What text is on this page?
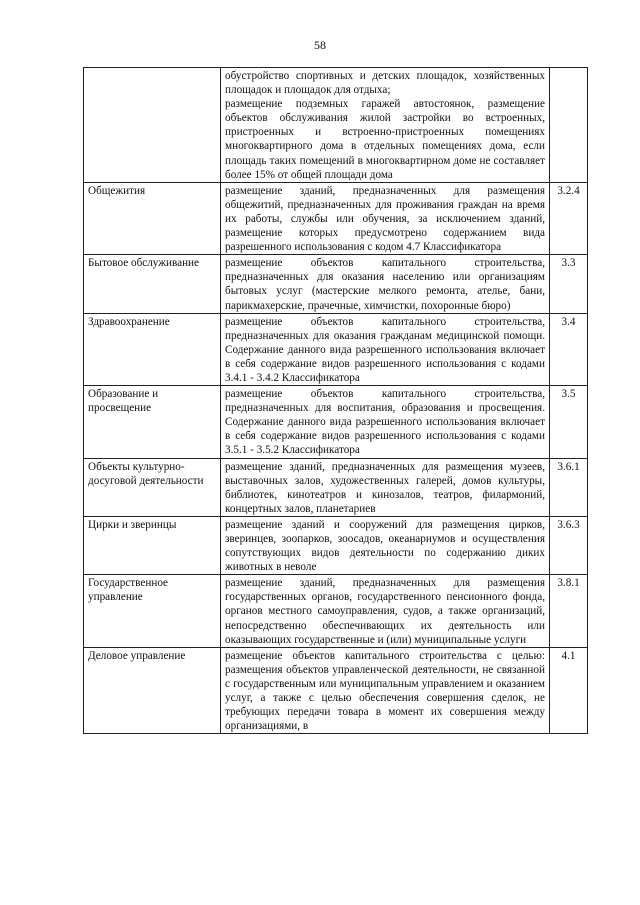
58

	обустройство спортивных и детских площадок, хозяйственных площадок и площадок для отдыха;

размещение подземных гаражей автостоянок, размещение объектов обслуживания жилой застройки во встроенных, пристроенных и встроенно-пристроенных помещениях многоквартирного дома в отдельных помещениях дома, если площадь таких помещений в многоквартирном доме не составляет более 15% от общей площади дома	

Общежития	размещение зданий, предназначенных для размещения общежитий, предназначенных для проживания граждан на время их работы, службы или обучения, за исключением зданий, размещение которых предусмотрено содержанием вида разрешенного использования с кодом 4.7 Классификатора	3.2.4
Бытовое обслуживание	размещение объектов капитального строительства, предназначенных для оказания населению или организациям бытовых услуг (мастерские мелкого ремонта, ателье, бани, парикмахерские, прачечные, химчистки, похоронные бюро)	3.3
Здравоохранение	размещение объектов капитального строительства, предназначенных для оказания гражданам медицинской помощи. Содержание данного вида разрешенного использования включает в себя содержание видов разрешенного использования с кодами 3.4.1 - 3.4.2 Классификатора	3.4
Образование и просвещение	размещение объектов капитального строительства, предназначенных для воспитания, образования и просвещения. Содержание данного вида разрешенного использования включает в себя содержание видов разрешенного использования с кодами 3.5.1 - 3.5.2 Классификатора	3.5
Объекты культурно-досуговой деятельности	размещение зданий, предназначенных для размещения музеев, выставочных залов, художественных галерей, домов культуры, библиотек, кинотеатров и кинозалов, театров, филармоний, концертных залов, планетариев	3.6.1
Цирки и зверинцы	размещение зданий и сооружений для размещения цирков, зверинцев, зоопарков, зоосадов, океанариумов и осуществления сопутствующих видов деятельности по содержанию диких животных в неволе	3.6.3
Государственное управление	размещение зданий, предназначенных для размещения государственных органов, государственного пенсионного фонда, органов местного самоуправления, судов, а также организаций, непосредственно обеспечивающих их деятельность или оказывающих государственные и (или) муниципальные услуги	3.8.1
Деловое управление	размещение объектов капитального строительства с целью: размещения объектов управленческой деятельности, не связанной с государственным или муниципальным управлением и оказанием услуг, а также с целью обеспечения совершения сделок, не требующих передачи товара в момент их совершения между организациями, в	4.1
